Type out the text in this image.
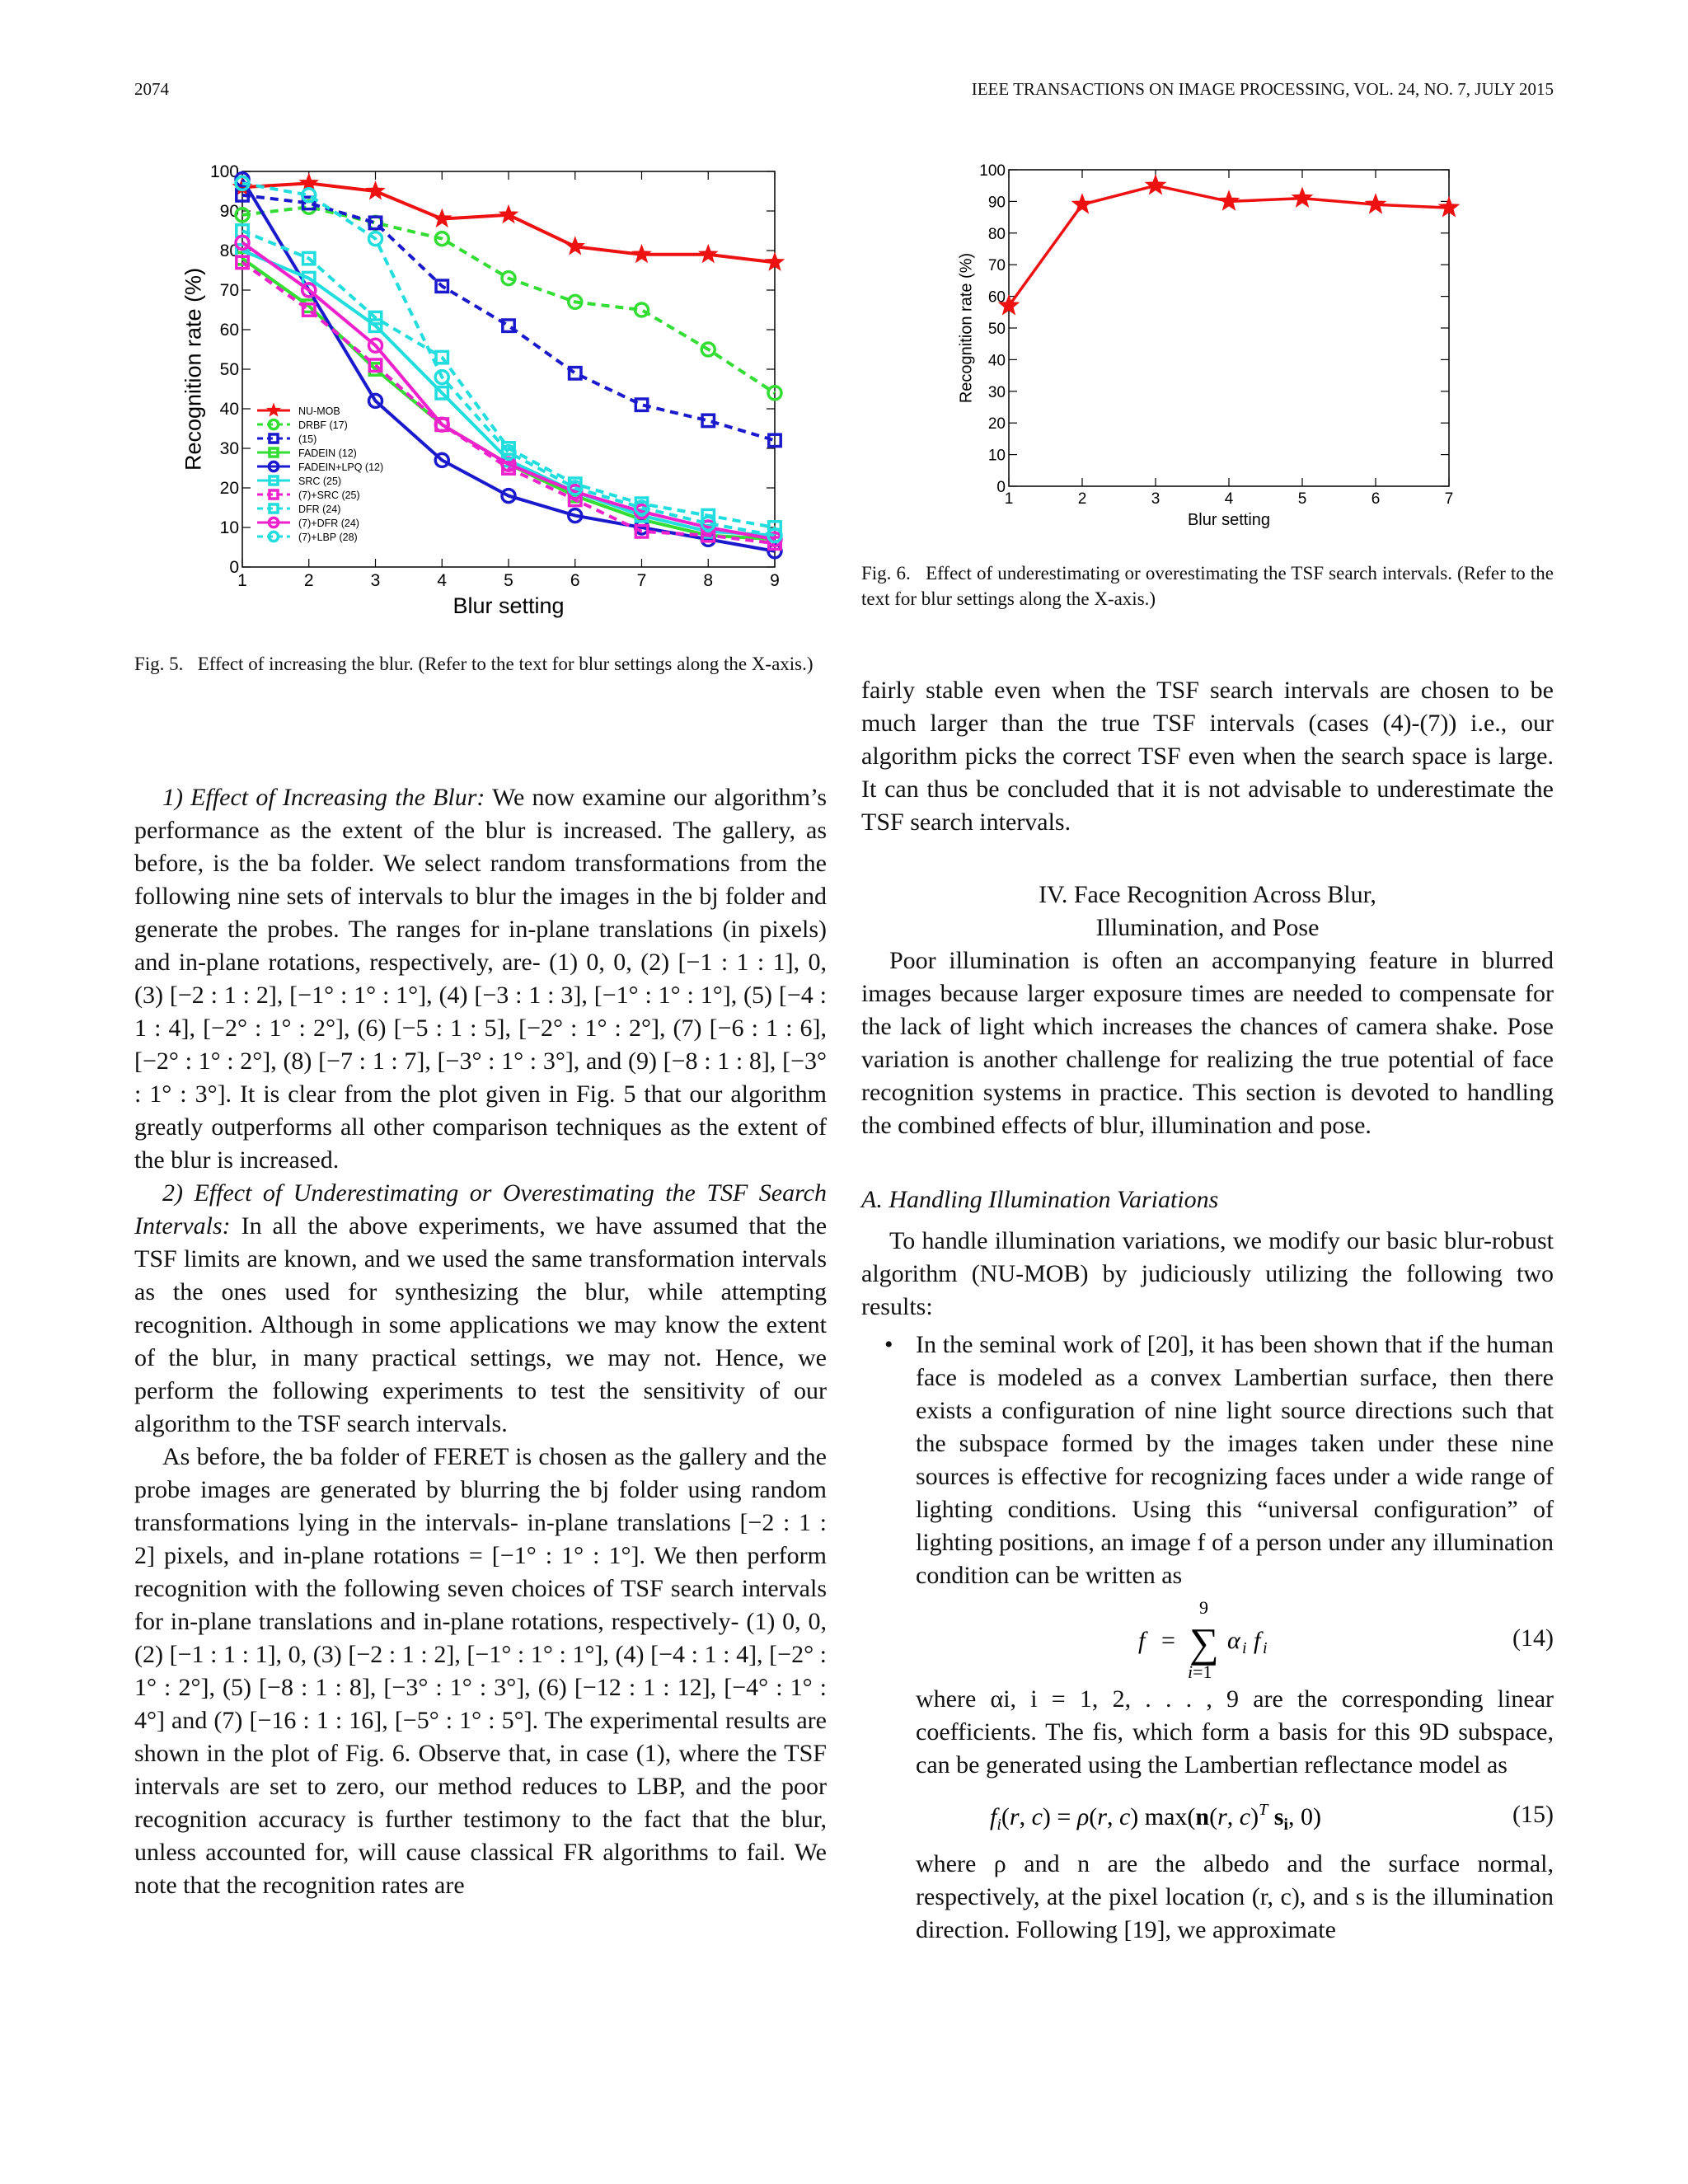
2074	IEEE TRANSACTIONS ON IMAGE PROCESSING, VOL. 24, NO. 7, JULY 2015
0
10
20
30
40
50
60
70
80
90
100
1	2	3	4	5	6	7	8	9
Blur setting
Recognition rate (%)	NU-MOB
DRBF (17)
(15)
FADEIN (12)
FADEIN+LPQ (12)
SRC (25)
(7)+SRC (25)
DFR (24)
(7)+DFR (24)
(7)+LBP (28)
0
10
20
30
40
50
60
70
80
90
100
1	2	3	4	5	6	7
Blur setting
Recognition rate (%)
Fig. 5. Effect of increasing the blur. (Refer to the text for blur settings along the X-axis.)
Fig. 6. Effect of underestimating or overestimating the TSF search intervals. (Refer to the text for blur settings along the X-axis.)

1) Effect of Increasing the Blur: We now examine our algorithm’s performance as the extent of the blur is increased. The gallery, as before, is the ba folder. We select random transformations from the following nine sets of intervals to blur the images in the bj folder and generate the probes. The ranges for in-plane translations (in pixels) and in-plane rotations, respectively, are- (1) 0, 0, (2) [−1 : 1 : 1], 0, (3) [−2 : 1 : 2], [−1° : 1° : 1°], (4) [−3 : 1 : 3], [−1° : 1° : 1°], (5) [−4 : 1 : 4], [−2° : 1° : 2°], (6) [−5 : 1 : 5], [−2° : 1° : 2°], (7) [−6 : 1 : 6], [−2° : 1° : 2°], (8) [−7 : 1 : 7], [−3° : 1° : 3°], and (9) [−8 : 1 : 8], [−3° : 1° : 3°]. It is clear from the plot given in Fig. 5 that our algorithm greatly outperforms all other comparison techniques as the extent of the blur is increased.

2) Effect of Underestimating or Overestimating the TSF Search Intervals: In all the above experiments, we have assumed that the TSF limits are known, and we used the same transformation intervals as the ones used for synthesizing the blur, while attempting recognition. Although in some applications we may know the extent of the blur, in many practical settings, we may not. Hence, we perform the following experiments to test the sensitivity of our algorithm to the TSF search intervals.

As before, the ba folder of FERET is chosen as the gallery and the probe images are generated by blurring the bj folder using random transformations lying in the intervals- in-plane translations [−2 : 1 : 2] pixels, and in-plane rotations = [−1° : 1° : 1°]. We then perform recognition with the following seven choices of TSF search intervals for in-plane translations and in-plane rotations, respectively- (1) 0, 0, (2) [−1 : 1 : 1], 0, (3) [−2 : 1 : 2], [−1° : 1° : 1°], (4) [−4 : 1 : 4], [−2° : 1° : 2°], (5) [−8 : 1 : 8], [−3° : 1° : 3°], (6) [−12 : 1 : 12], [−4° : 1° : 4°] and (7) [−16 : 1 : 16], [−5° : 1° : 5°]. The experimental results are shown in the plot of Fig. 6. Observe that, in case (1), where the TSF intervals are set to zero, our method reduces to LBP, and the poor recognition accuracy is further testimony to the fact that the blur, unless accounted for, will cause classical FR algorithms to fail. We note that the recognition rates are

fairly stable even when the TSF search intervals are chosen to be much larger than the true TSF intervals (cases (4)-(7)) i.e., our algorithm picks the correct TSF even when the search space is large. It can thus be concluded that it is not advisable to underestimate the TSF search intervals.

IV. Face Recognition Across Blur,
Illumination, and Pose

Poor illumination is often an accompanying feature in blurred images because larger exposure times are needed to compensate for the lack of light which increases the chances of camera shake. Pose variation is another challenge for realizing the true potential of face recognition systems in practice. This section is devoted to handling the combined effects of blur, illumination and pose.

A. Handling Illumination Variations

To handle illumination variations, we modify our basic blur-robust algorithm (NU-MOB) by judiciously utilizing the following two results:

• In the seminal work of [20], it has been shown that if the human face is modeled as a convex Lambertian surface, then there exists a configuration of nine light source directions such that the subspace formed by the images taken under these nine sources is effective for recognizing faces under a wide range of lighting conditions. Using this “universal configuration” of lighting positions, an image f of a person under any illumination condition can be written as

f =
9
∑
i=1
α i f i	(14)

where αi, i = 1, 2, . . . , 9 are the corresponding linear coefficients. The fis, which form a basis for this 9D subspace, can be generated using the Lambertian reflectance model as

$f_i(r$, c) = ρ(r, c) max(n(r, c)$^T$ $s_i$, 0)	(15)

where ρ and n are the albedo and the surface normal, respectively, at the pixel location (r, c), and s is the illumination direction. Following [19], we approximate
